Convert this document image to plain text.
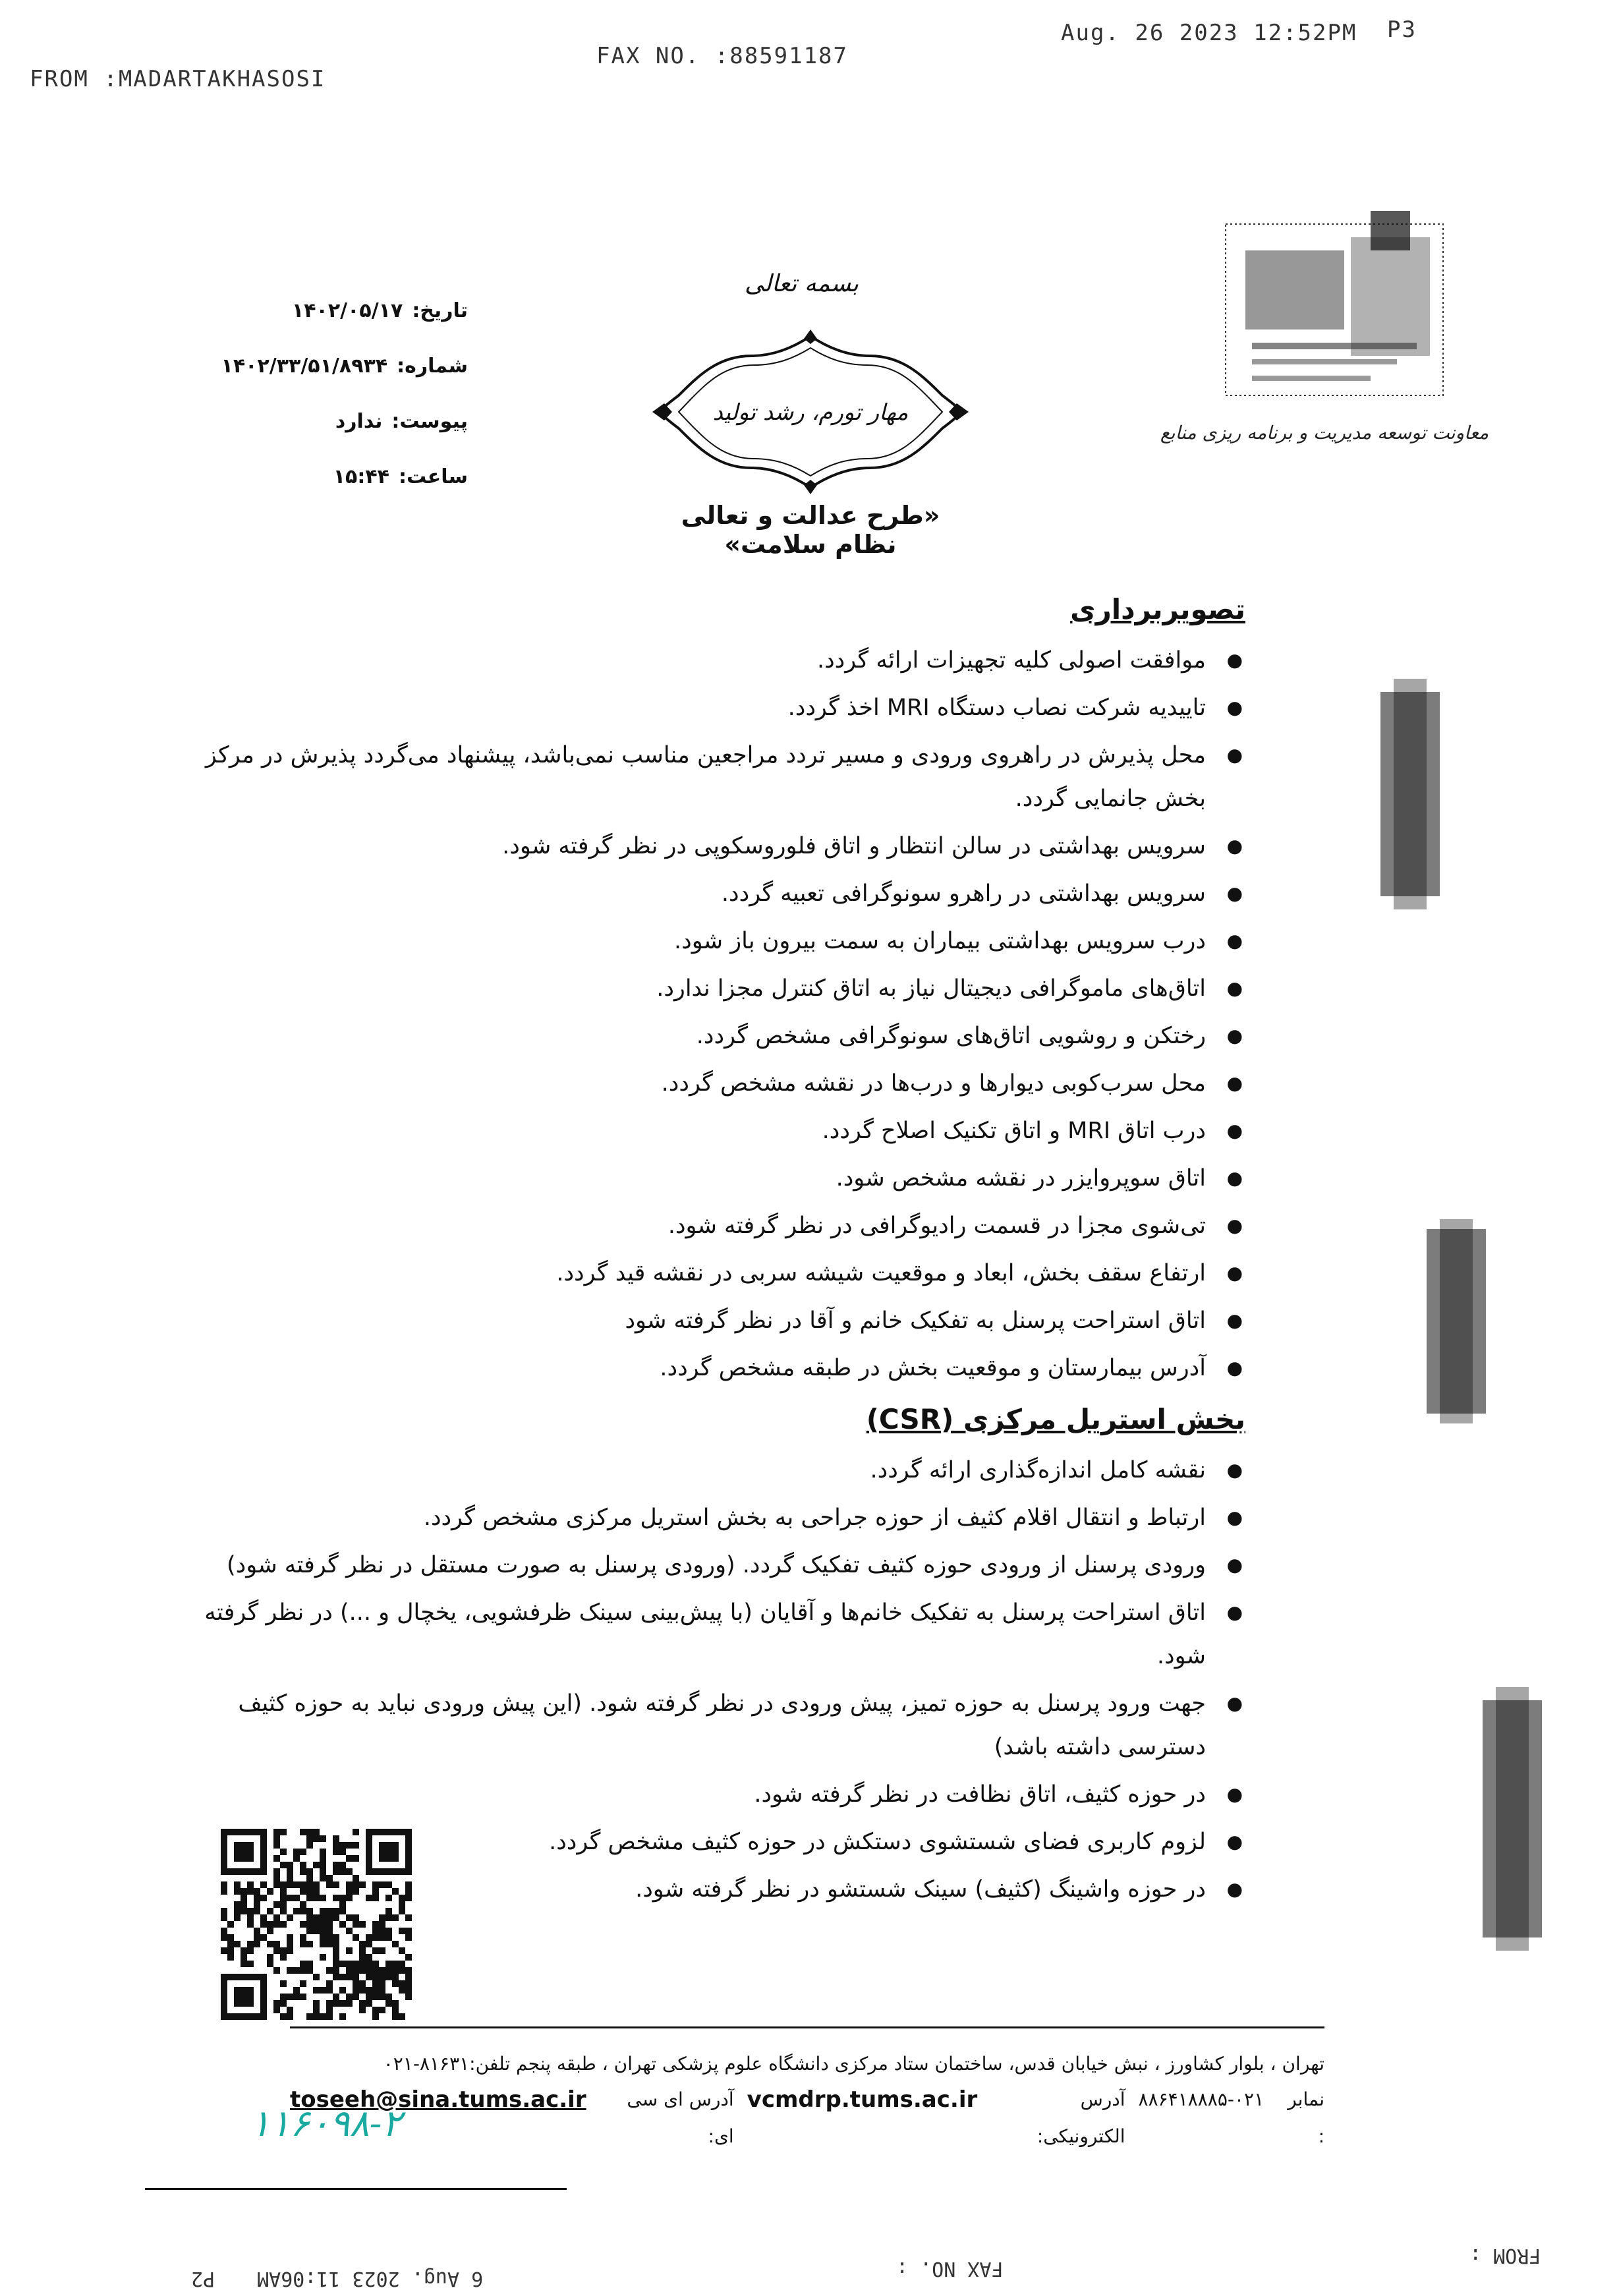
FROM :MADARTAKHASOSI
FAX NO. :88591187
Aug. 26 2023 12:52PM P3
تاریخ:
۱۴۰۲/۰۵/۱۷
شماره:
۱۴۰۲/۳۳/۵۱/۸۹۳۴
پیوست:
ندارد
ساعت:
۱۵:۴۴
بسمه تعالی
مهار تورم، رشد تولید
«طرح عدالت و تعالی نظام سلامت»
معاونت توسعه مدیریت و برنامه ریزی منابع
تصویربرداری
● موافقت اصولی کلیه تجهیزات ارائه گردد.
● تاییدیه شرکت نصاب دستگاه MRI اخذ گردد.
● محل پذیرش در راهروی ورودی و مسیر تردد مراجعین مناسب نمی‌باشد، پیشنهاد می‌گردد پذیرش در مرکز بخش جانمایی گردد.
● سرویس بهداشتی در سالن انتظار و اتاق فلوروسکوپی در نظر گرفته شود.
● سرویس بهداشتی در راهرو سونوگرافی تعبیه گردد.
● درب سرویس بهداشتی بیماران به سمت بیرون باز شود.
● اتاق‌های ماموگرافی دیجیتال نیاز به اتاق کنترل مجزا ندارد.
● رختکن و روشویی اتاق‌های سونوگرافی مشخص گردد.
● محل سرب‌کوبی دیوارها و درب‌ها در نقشه مشخص گردد.
● درب اتاق MRI و اتاق تکنیک اصلاح گردد.
● اتاق سوپروایزر در نقشه مشخص شود.
● تی‌شوی مجزا در قسمت رادیوگرافی در نظر گرفته شود.
● ارتفاع سقف بخش، ابعاد و موقعیت شیشه سربی در نقشه قید گردد.
● اتاق استراحت پرسنل به تفکیک خانم و آقا در نظر گرفته شود
● آدرس بیمارستان و موقعیت بخش در طبقه مشخص گردد.
بخش استریل مرکزی (CSR)
● نقشه کامل اندازه‌گذاری ارائه گردد.
● ارتباط و انتقال اقلام کثیف از حوزه جراحی به بخش استریل مرکزی مشخص گردد.
● ورودی پرسنل از ورودی حوزه کثیف تفکیک گردد. (ورودی پرسنل به صورت مستقل در نظر گرفته شود)
● اتاق استراحت پرسنل به تفکیک خانم‌ها و آقایان (با پیش‌بینی سینک ظرفشویی، یخچال و ...) در نظر گرفته شود.
● جهت ورود پرسنل به حوزه تمیز، پیش ورودی در نظر گرفته شود. (این پیش ورودی نباید به حوزه کثیف دسترسی داشته باشد)
● در حوزه کثیف، اتاق نظافت در نظر گرفته شود.
● لزوم کاربری فضای شستشوی دستکش در حوزه کثیف مشخص گردد.
● در حوزه واشینگ (کثیف) سینک شستشو در نظر گرفته شود.
تهران ، بلوار کشاورز ، نبش خیابان قدس، ساختمان ستاد مرکزی دانشگاه علوم پزشکی تهران ، طبقه پنجم تلفن:۸۱۶۳۱-۰۲۱
نمابر :
۸۸۶۴۱۸۸۸۵-۰۲۱
آدرس الکترونیکی:
vcmdrp.tums.ac.ir
آدرس ای سی ای:
toseeh@sina.tums.ac.ir
۱۱۶۰۹۸-۲
FROM :
FAX NO. :
6 Aug. 2023 11:06AM
P2
